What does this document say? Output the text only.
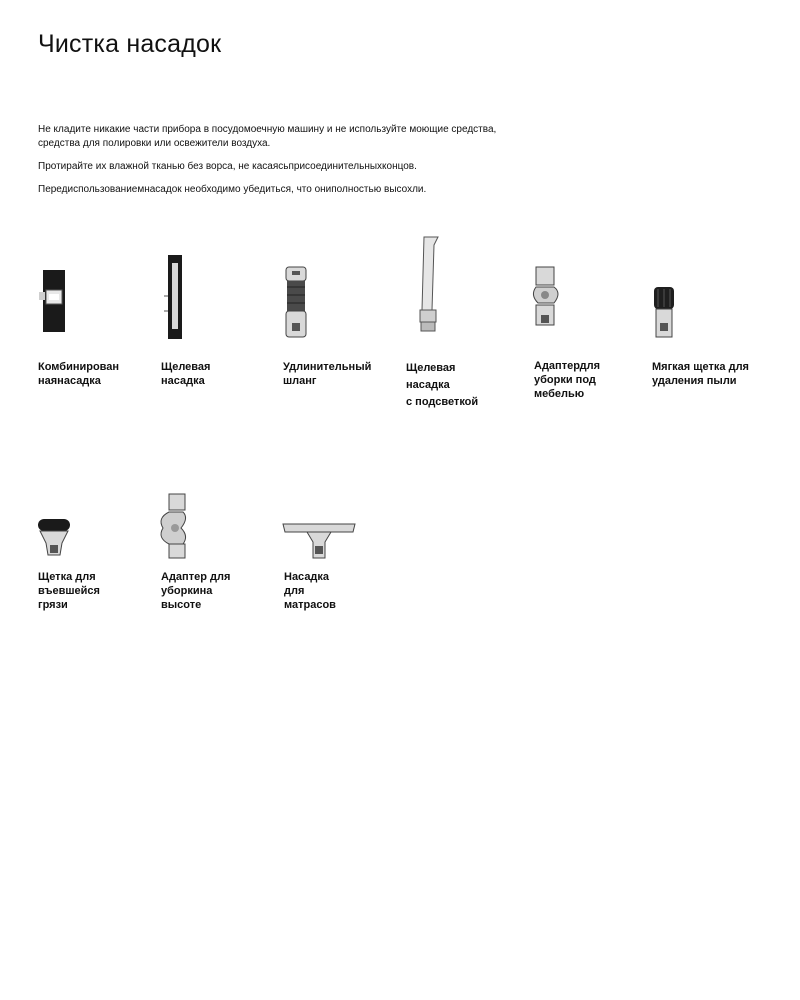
Чистка насадок

Не кладите никакие части прибора в посудомоечную машину и не используйте моющие средства,
средства для полировки или освежители воздуха.

Протирайте их влажной тканью без ворса, не касаясьприсоединительныхконцов.

Передиспользованиемнасадок необходимо убедиться, что ониполностью высохли.

Комбинирован
наянасадка
Щелевая
насадка
Удлинительный
шланг
Щелевая
насадка
с подсветкой
Адаптердля
уборки под
мебелью
Мягкая щетка для
удаления пыли
Щетка для
въевшейся
грязи
Адаптер для
уборкина
высоте
Насадка
для
матрасов
